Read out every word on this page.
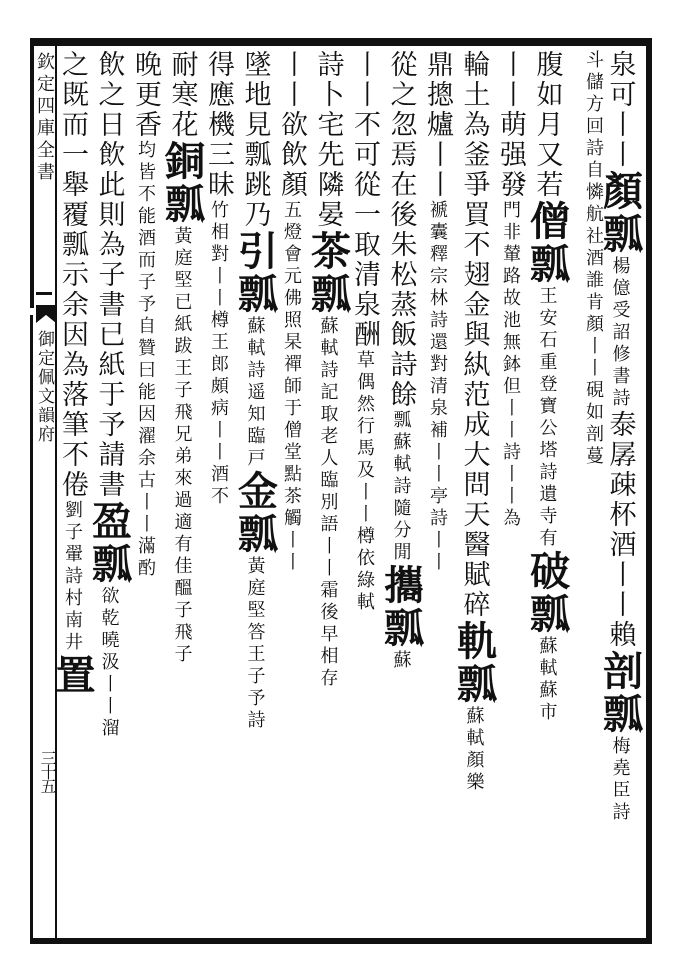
欽定四庫全書
御定佩文韻府
三十五
泉可丨丨顏瓢楊億受詔修書詩泰孱疎杯酒丨丨賴剖瓢梅堯臣詩
斗儲方回詩自憐航社酒誰肯顏丨丨硯如剖蔓
腹如月又若僧瓢王安石重登寶公塔詩遺寺有破瓢蘇軾蘇市
丨丨萌强發門非輦路故池無鉢但丨丨詩丨丨為
輪土為釜爭買不翅金與紈范成大問天醫賦碎軌瓢蘇軾顏樂
鼎摠爐丨丨褫囊釋宗林詩還對清泉補丨丨亭詩丨丨
從之忽焉在後朱松蒸飯詩餘瓢蘇軾詩隨分閒攜瓢蘇
丨丨不可從一取清泉酬草偶然行馬及丨丨樽依綠軾
詩卜宅先隣晏茶瓢蘇軾詩記取老人臨別語丨丨霜後早相存
丨丨欲飲顏五燈會元佛照杲禪師于僧堂點茶觸丨丨
墜地見瓢跳乃引瓢蘇軾詩遥知臨戸金瓢黃庭堅答王子予詩
得應機三昧竹相對丨丨樽王郎頗病丨丨酒不
耐寒花銅瓢黃庭堅已紙跋王子飛兄弟來過適有佳醞子飛子
晚更香均皆不能酒而子予自贊曰能因濯余古丨丨滿酌
飲之日飲此則為子書已紙于予請書盈瓢欲乾曉汲丨丨溜
之既而一舉覆瓢示余因為落筆不倦劉子翬詩村南井置
